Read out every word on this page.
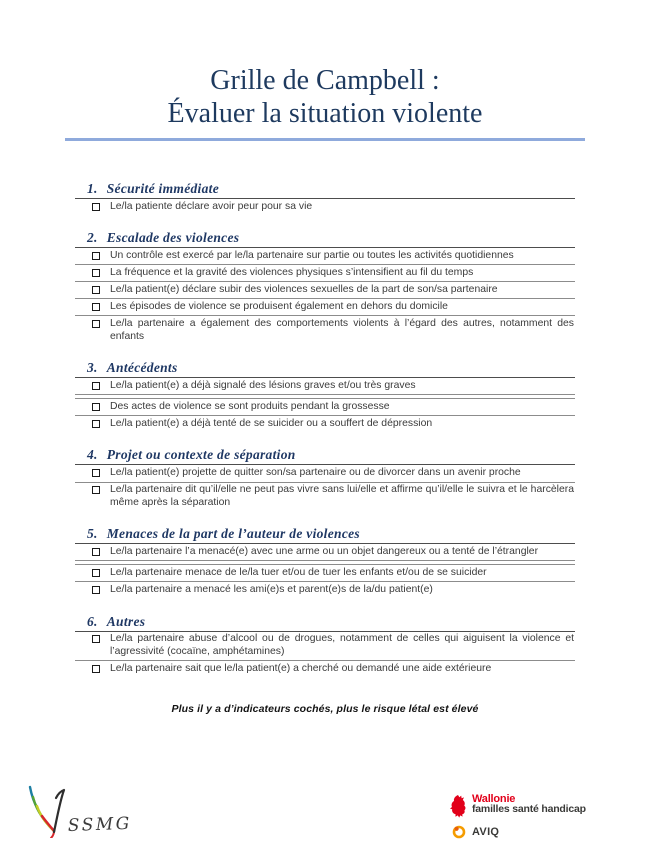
Grille de Campbell :
Évaluer la situation violente
1. Sécurité immédiate
Le/la patiente déclare avoir peur pour sa vie
2. Escalade des violences
Un contrôle est exercé par le/la partenaire sur partie ou toutes les activités quotidiennes
La fréquence et la gravité des violences physiques s’intensifient au fil du temps
Le/la patient(e) déclare subir des violences sexuelles de la part de son/sa partenaire
Les épisodes de violence se produisent également en dehors du domicile
Le/la partenaire a également des comportements violents à l’égard des autres, notamment des enfants
3. Antécédents
Le/la patient(e) a déjà signalé des lésions graves et/ou très graves
Des actes de violence se sont produits pendant la grossesse
Le/la patient(e) a déjà tenté de se suicider ou a souffert de dépression
4. Projet ou contexte de séparation
Le/la patient(e) projette de quitter son/sa partenaire ou de divorcer dans un avenir proche
Le/la partenaire dit qu’il/elle ne peut pas vivre sans lui/elle et affirme qu’il/elle le suivra et le harcèlera même après la séparation
5. Menaces de la part de l’auteur de violences
Le/la partenaire l’a menacé(e) avec une arme ou un objet dangereux ou a tenté de l’étrangler
Le/la partenaire menace de le/la tuer et/ou de tuer les enfants et/ou de se suicider
Le/la partenaire a menacé les ami(e)s et parent(e)s de la/du patient(e)
6. Autres
Le/la partenaire abuse d’alcool ou de drogues, notamment de celles qui aiguisent la violence et l’agressivité (cocaïne, amphétamines)
Le/la partenaire sait que le/la patient(e) a cherché ou demandé une aide extérieure

Plus il y a d’indicateurs cochés, plus le risque létal est élevé

SSMG
Wallonie
familles santé handicap
AVIQ
